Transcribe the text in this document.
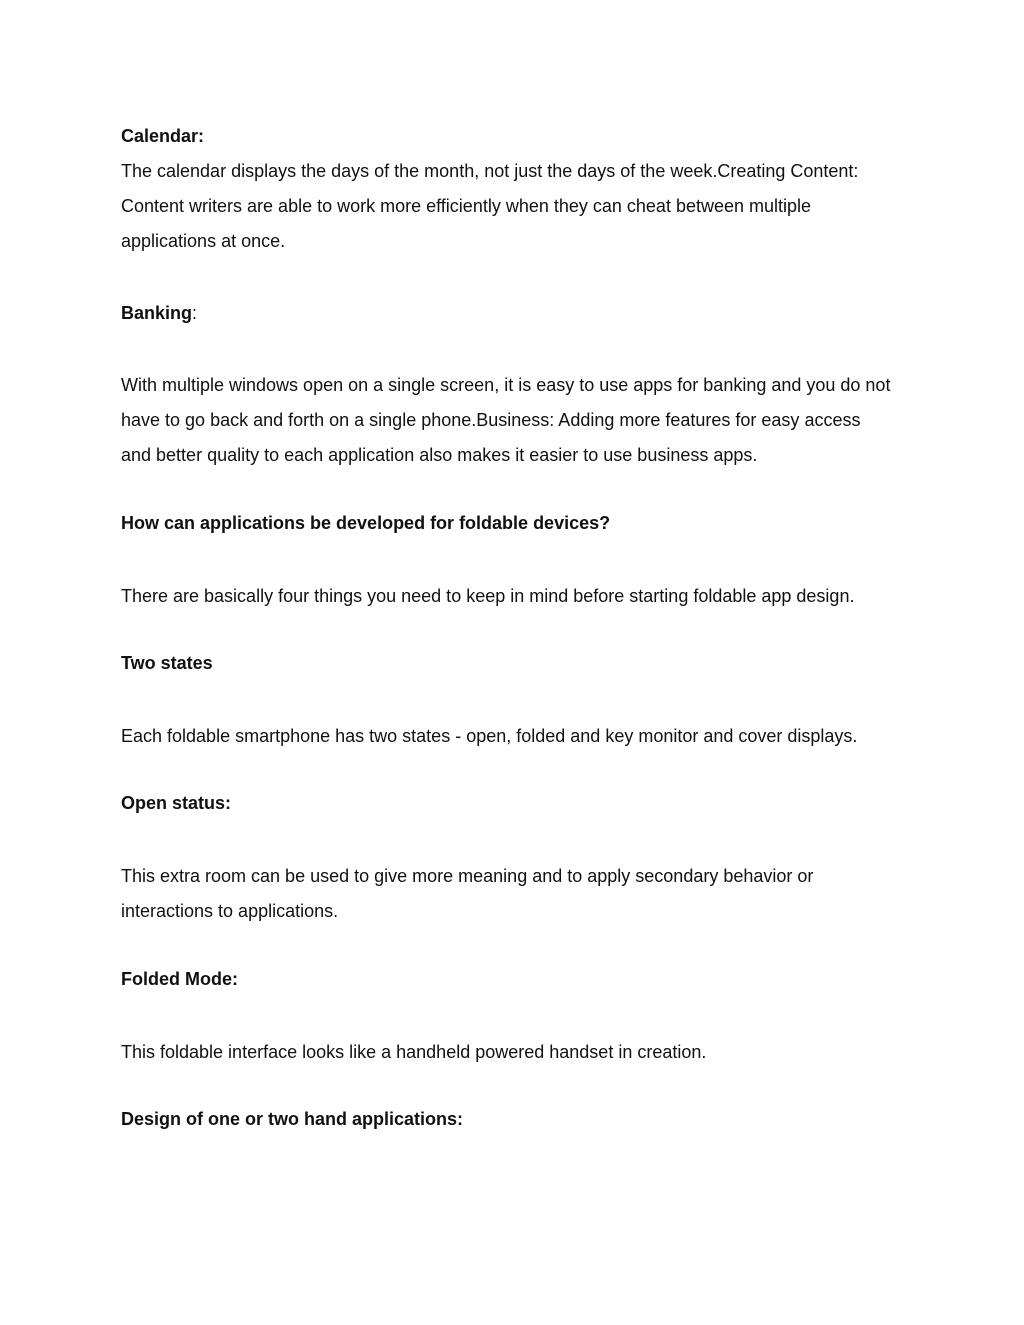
Calendar:

The calendar displays the days of the month, not just the days of the week.Creating Content: Content writers are able to work more efficiently when they can cheat between multiple applications at once.

Banking:

With multiple windows open on a single screen, it is easy to use apps for banking and you do not have to go back and forth on a single phone.Business: Adding more features for easy access and better quality to each application also makes it easier to use business apps.

How can applications be developed for foldable devices?

There are basically four things you need to keep in mind before starting foldable app design.

Two states

Each foldable smartphone has two states - open, folded and key monitor and cover displays.

Open status:

This extra room can be used to give more meaning and to apply secondary behavior or interactions to applications.

Folded Mode:

This foldable interface looks like a handheld powered handset in creation.

Design of one or two hand applications:
